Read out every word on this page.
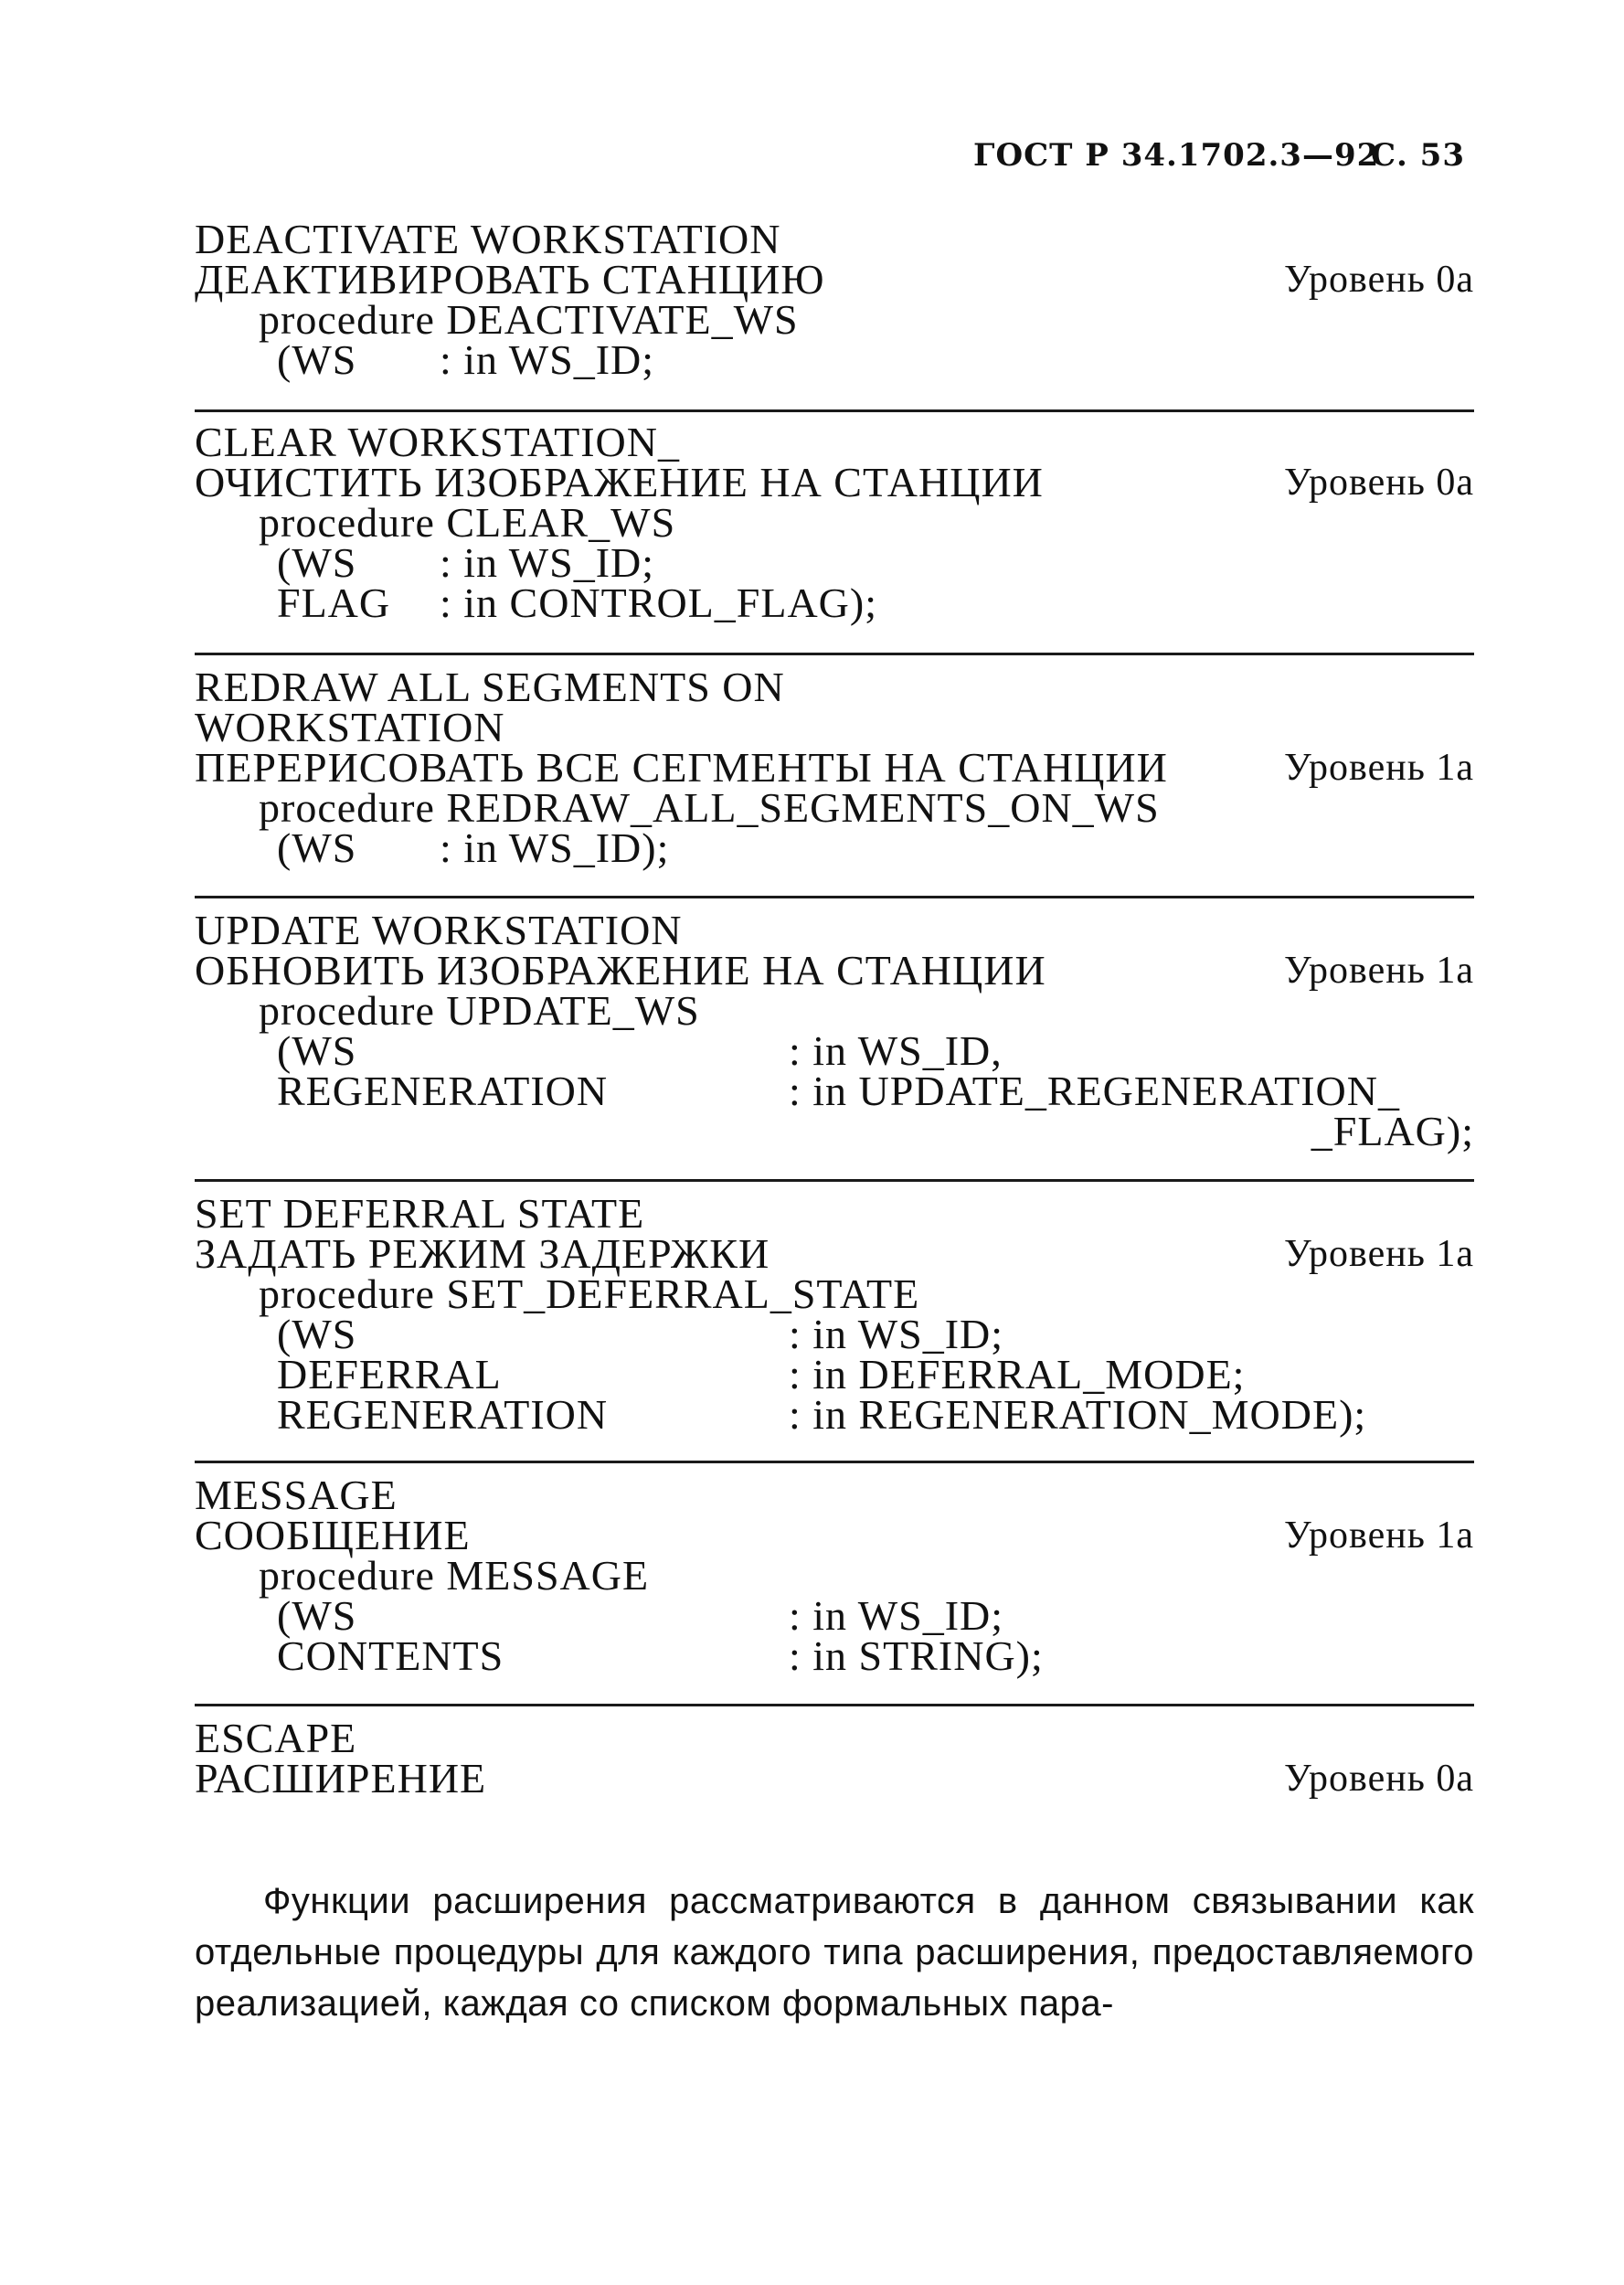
ГОСТ Р 34.1702.3—92
С. 53
DEACTIVATE WORKSTATION
ДЕАКТИВИРОВАТЬ СТАНЦИЮ	Уровень 0а
procedure DEACTIVATE_WS
(WS : in WS_ID;
CLEAR WORKSTATION_
ОЧИСТИТЬ ИЗОБРАЖЕНИЕ НА СТАНЦИИ	Уровень 0а
procedure CLEAR_WS
(WS : in WS_ID;
FLAG : in CONTROL_FLAG);
REDRAW ALL SEGMENTS ON
WORKSTATION
ПЕРЕРИСОВАТЬ ВСЕ СЕГМЕНТЫ НА СТАНЦИИ	Уровень 1а
procedure REDRAW_ALL_SEGMENTS_ON_WS
(WS : in WS_ID);
UPDATE WORKSTATION
ОБНОВИТЬ ИЗОБРАЖЕНИЕ НА СТАНЦИИ	Уровень 1а
procedure UPDATE_WS
(WS	: in WS_ID,
REGENERATION	: in UPDATE_REGENERATION_
_FLAG);
SET DEFERRAL STATE
ЗАДАТЬ РЕЖИМ ЗАДЕРЖКИ	Уровень 1а
procedure SET_DEFERRAL_STATE
(WS	: in WS_ID;
DEFERRAL	: in DEFERRAL_MODE;
REGENERATION	: in REGENERATION_MODE);
MESSAGE
СООБЩЕНИЕ	Уровень 1а
procedure MESSAGE
(WS	: in WS_ID;
CONTENTS	: in STRING);
ESCAPE
РАСШИРЕНИЕ	Уровень 0а
Функции расширения рассматриваются в данном связывании как отдельные процедуры для каждого типа расширения, предоставляемого реализацией, каждая со списком формальных пара-
